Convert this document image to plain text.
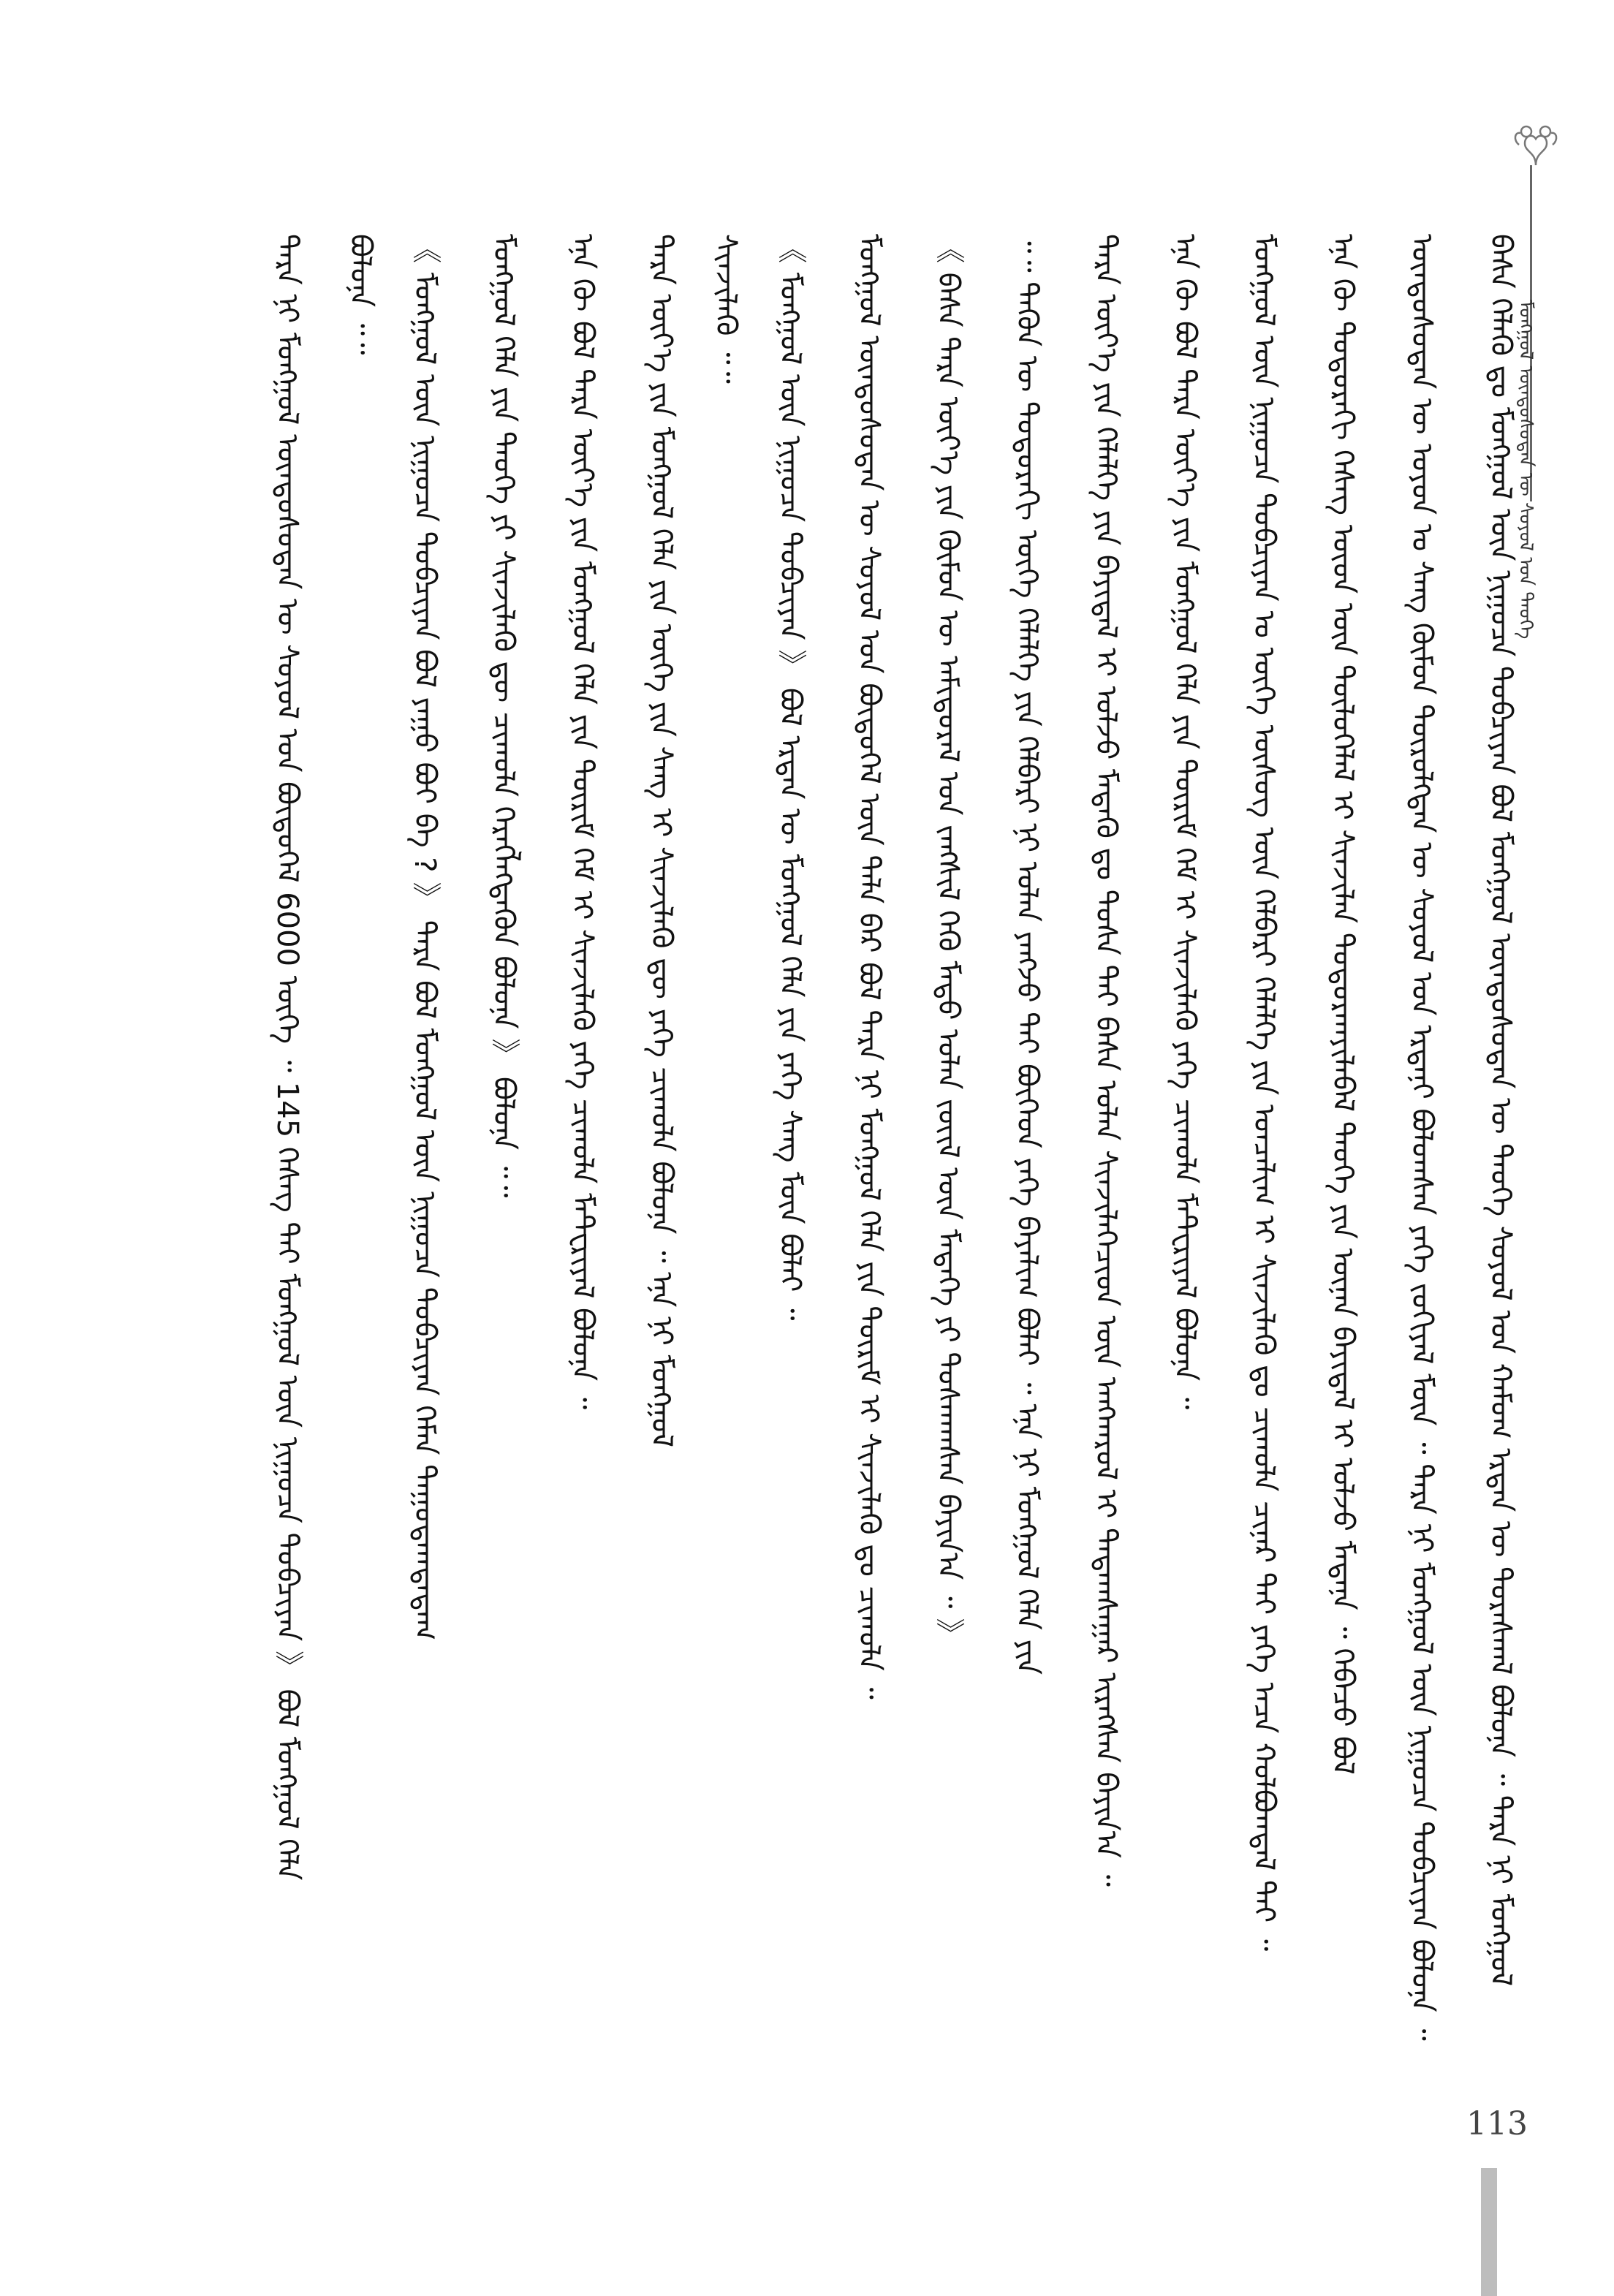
ᠮᠣᠩᠭᠣᠯ ᠦᠨᠳᠦᠰᠦᠲᠡᠨ ᠦ ᠰᠣᠶᠣᠯ ᠤᠨ ᠲᠡᠦᠬᠡ
ᠪᠠᠰᠠ ᠬᠡᠯᠡᠬᠦ ᠳᠤ ᠮᠣᠩᠭᠣᠯ ᠦᠨ ᠨᠢᠭᠤᠴᠠ ᠲᠣᠪᠴᠢᠶᠠᠨ ᠪᠣᠯ ᠮᠣᠩᠭᠣᠯ ᠦᠨᠳᠦᠰᠦᠲᠡᠨ ᠦ ᠲᠡᠦᠬᠡ ᠰᠣᠶᠣᠯ ᠤᠨ ᠬᠠᠮᠤᠭ ᠡᠷᠲᠡᠨ ᠦ ᠳᠣᠷᠠᠰᠬᠠᠯ ᠪᠣᠯᠤᠨᠠ ᠃ ᠲᠡᠷᠡ ᠨᠢ ᠮᠣᠩᠭᠣᠯ
ᠦᠨᠳᠦᠰᠦᠲᠡᠨ ᠦ ᠣᠶᠤᠨ ᠤ ᠰᠠᠩ ᠬᠥᠮᠦᠨ ᠲᠥᠷᠦᠯᠬᠲᠡᠨ ᠦ ᠰᠣᠶᠣᠯ ᠤᠨ ᠡᠷᠳᠡᠨᠢ ᠪᠣᠯᠤᠭᠰᠠᠨ ᠶᠡᠬᠡ ᠵᠣᠬᠢᠶᠠᠯ ᠮᠥᠨ ᠃ ᠲᠡᠷᠡ ᠨᠢ ᠮᠣᠩᠭᠣᠯ ᠦᠨ ᠨᠢᠭᠤᠴᠠ ᠲᠣᠪᠴᠢᠶᠠᠨ ᠪᠣᠯᠤᠨᠠ ᠃
ᠡᠨᠡ ᠬᠦ ᠳᠣᠲᠣᠷᠠᠬᠢ ᠬᠡᠰᠡᠭ ᠦᠳ ᠦᠨ ᠲᠥᠯᠦᠭᠡᠯᠡᠯ ᠢ ᠰᠢᠨᠵᠢᠯᠡᠨ ᠲᠣᠳᠣᠷᠬᠠᠶᠢᠯᠠᠪᠠᠯ ᠲᠡᠦᠬᠡ ᠶᠢᠨ ᠦᠨᠡᠨ ᠪᠠᠶᠢᠳᠠᠯ ᠢ ᠣᠯᠵᠤ ᠮᠡᠳᠡᠨᠡ ᠃ ᠭᠡᠪᠡᠴᠦ ᠪᠣᠯ
ᠮᠣᠩᠭᠣᠯ ᠦᠨ ᠨᠢᠭᠤᠴᠠ ᠲᠣᠪᠴᠢᠶᠠᠨ ᠤ ᠦᠭᠡ ᠦᠰᠦᠭ ᠦᠨ ᠬᠡᠯᠪᠡᠷᠢ ᠬᠡᠯᠡᠯᠭᠡ ᠶᠢᠨ ᠣᠨᠴᠠᠯᠢᠭ ᠢ ᠰᠢᠨᠵᠢᠯᠡᠬᠦ ᠳᠤ ᠴᠢᠬᠤᠯᠠ ᠴᠢᠨᠠᠷ ᠲᠠᠢ ᠶᠡᠬᠡ ᠠᠴᠠ ᠬᠣᠯᠪᠣᠭᠳᠠᠯ ᠲᠠᠢ ᠃
ᠡᠨᠡ ᠬᠦ ᠪᠣᠯ ᠲᠡᠷᠡ ᠦᠶ᠎ᠡ ᠶᠢᠨ ᠮᠣᠩᠭᠣᠯ ᠬᠡᠯᠡ ᠶᠢᠨ ᠳᠦᠷᠢᠮ ᠬᠡᠮ ᠢ ᠰᠢᠨᠵᠢᠯᠡᠬᠦ ᠶᠡᠬᠡ ᠴᠢᠬᠤᠯᠠ ᠮᠠᠲᠸᠷᠢᠶᠠᠯ ᠪᠣᠯᠤᠨᠠ ᠃
ᠲᠡᠷᠡ ᠦᠶ᠎ᠡ ᠶᠢᠨ ᠬᠡᠯᠡᠯᠭᠡ ᠶᠢᠨ ᠪᠠᠶᠢᠳᠠᠯ ᠢ ᠣᠯᠵᠤ ᠮᠡᠳᠡᠬᠦ ᠳᠤ ᠲᠤᠰᠠ ᠲᠠᠢ ᠪᠠᠰᠠ ᠣᠯᠠᠨ ᠰᠢᠨᠵᠢᠯᠡᠭᠡᠴᠢᠳ ᠦᠨ ᠠᠩᠬᠠᠷᠤᠯ ᠢ ᠲᠠᠲᠠᠭᠰᠠᠭᠠᠷ ᠢᠷᠡᠭᠰᠡᠨ ᠪᠠᠶᠢᠨ᠎ᠠ ᠃
᠃᠃ ᠲᠡᠭᠦᠨ ᠦ ᠳᠣᠲᠣᠷᠠᠬᠢ ᠦᠭᠡ ᠬᠡᠯᠡᠯᠭᠡ ᠶᠢᠨ ᠬᠡᠯᠪᠡᠷᠢ ᠨᠢ ᠣᠯᠠᠨ ᠶᠠᠩᠵᠤ ᠲᠠᠢ ᠪᠥᠭᠡᠳ ᠶᠡᠬᠡ ᠪᠠᠶᠠᠯᠢᠭ ᠪᠣᠯᠠᠢ ᠃ ᠡᠨᠡ ᠨᠢ ᠮᠣᠩᠭᠣᠯ ᠬᠡᠯᠡ ᠶᠢᠨ
《 ᠪᠠᠰᠠ ᠲᠡᠷᠡ ᠦᠶ᠎ᠡ ᠶᠢᠨ ᠬᠦᠮᠦᠨ ᠦ ᠠᠮᠢᠳᠤᠷᠠᠯ ᠤᠨ ᠵᠠᠩᠱᠢᠯ ᠭᠡᠬᠦ ᠮᠡᠲᠦ ᠣᠯᠠᠨ ᠵᠦᠢᠯ ᠦᠨ ᠮᠡᠳᠡᠭᠡ ᠶᠢ ᠲᠤᠰᠬᠠᠭᠰᠠᠨ ᠪᠠᠶᠢᠨ᠎ᠠ ᠃ 》
ᠮᠣᠩᠭᠣᠯ ᠦᠨᠳᠦᠰᠦᠲᠡᠨ ᠦ ᠰᠣᠶᠣᠯ ᠤᠨ ᠪᠦᠲᠦᠭᠡᠯ ᠦᠨ ᠲᠠᠯᠠ ᠪᠠᠷ ᠪᠣᠯ ᠲᠡᠷᠡ ᠨᠢ ᠮᠣᠩᠭᠣᠯ ᠬᠡᠯᠡ ᠶᠢᠨ ᠳᠦᠷᠢᠮ ᠢ ᠰᠢᠨᠵᠢᠯᠡᠬᠦ ᠳᠤ ᠴᠢᠬᠤᠯᠠ ᠃
《 ᠮᠣᠩᠭᠣᠯ ᠦᠨ ᠨᠢᠭᠤᠴᠠ ᠲᠣᠪᠴᠢᠶᠠᠨ 》 ᠪᠣᠯ ᠡᠷᠲᠡᠨ ᠦ ᠮᠣᠩᠭᠣᠯ ᠬᠡᠯᠡ ᠶᠢᠨ ᠶᠡᠬᠡ ᠰᠠᠩ ᠮᠥᠨ ᠪᠣᠯᠠᠢ ᠃
ᠰᠢᠨᠵᠢᠯᠡᠬᠦ ᠃᠃
ᠲᠡᠷᠡ ᠦᠶ᠎ᠡ ᠶᠢᠨ ᠮᠣᠩᠭᠣᠯ ᠬᠡᠯᠡ ᠶᠢᠨ ᠦᠭᠡ ᠶᠢᠨ ᠰᠠᠩ ᠢ ᠰᠢᠨᠵᠢᠯᠡᠬᠦ ᠳᠦ ᠶᠡᠬᠡ ᠴᠢᠬᠤᠯᠠ ᠪᠣᠯᠤᠨᠠ ᠃ ᠡᠨᠡ ᠨᠢ ᠮᠣᠩᠭᠣᠯ
ᠡᠨᠡ ᠬᠦ ᠪᠣᠯ ᠲᠡᠷᠡ ᠦᠶ᠎ᠡ ᠶᠢᠨ ᠮᠣᠩᠭᠣᠯ ᠬᠡᠯᠡ ᠶᠢᠨ ᠳᠦᠷᠢᠮ ᠬᠡᠮ ᠢ ᠰᠢᠨᠵᠢᠯᠡᠬᠦ ᠶᠡᠬᠡ ᠴᠢᠬᠤᠯᠠ ᠮᠠᠲᠸᠷᠢᠶᠠᠯ ᠪᠣᠯᠤᠨᠠ ᠃
ᠮᠣᠩᠭᠣᠯ ᠬᠡᠯᠡ ᠶᠢᠨ ᠲᠡᠦᠬᠡ ᠶᠢ ᠰᠢᠨᠵᠢᠯᠡᠬᠦ ᠳᠦ ᠴᠢᠬᠤᠯᠠ ᠬᠡᠷᠡᠭᠯᠡᠭᠳᠡᠬᠦᠨ ᠪᠣᠯᠤᠨᠠ 》 ᠪᠣᠯᠤᠨᠠ ᠃᠃
《 ᠮᠣᠩᠭᠣᠯ ᠦᠨ ᠨᠢᠭᠤᠴᠠ ᠲᠣᠪᠴᠢᠶᠠᠨ ᠪᠣᠯ ᠶᠠᠭᠤ ᠪᠣᠢ ᠪᠡ ? 》 ᠲᠡᠷᠡ ᠪᠣᠯ ᠮᠣᠩᠭᠣᠯ ᠦᠨ ᠨᠢᠭᠤᠴᠠ ᠲᠣᠪᠴᠢᠶᠠᠨ ᠬᠡᠮᠡᠨ ᠳᠠᠭᠤᠳᠠᠭᠳᠠᠳᠠᠭ
ᠪᠣᠯᠤᠨᠠ ᠃᠃
ᠲᠡᠷᠡ ᠨᠢ ᠮᠣᠩᠭᠣᠯ ᠦᠨᠳᠦᠰᠦᠲᠡᠨ ᠦ ᠰᠣᠶᠣᠯ ᠤᠨ ᠪᠦᠲᠦᠭᠡᠯ 6000 ᠦᠭᠡ ᠃ 145 ᠬᠡᠰᠡᠭ ᠲᠠᠢ ᠮᠣᠩᠭᠣᠯ ᠦᠨ ᠨᠢᠭᠤᠴᠠ ᠲᠣᠪᠴᠢᠶᠠᠨ 》 ᠪᠣᠯ ᠮᠣᠩᠭᠣᠯ ᠬᠡᠯᠡ
113
